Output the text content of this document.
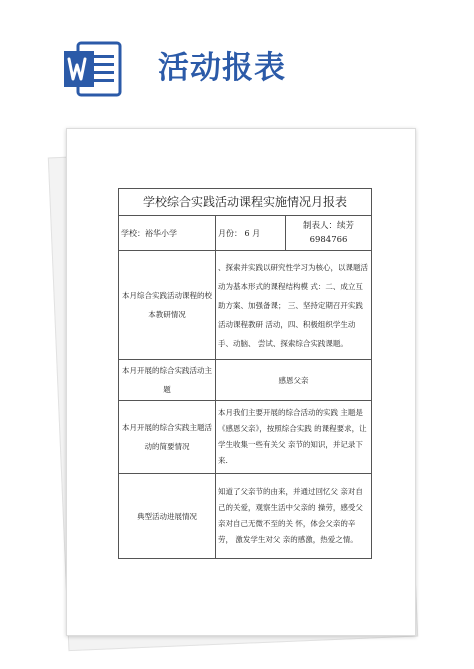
活动报表
学校综合实践活动课程实施情况月报表		
学校：裕华小学	月份： 6 月	制表人：续芳 6984766
本月综合实践活动课程的校本教研情况	、探索并实践以研究性学习为核心，以课题活动为基本形式的课程结构模 式：二、成立互助方案、加强备课； 三、坚持定期召开实践活动课程教研 活动，四、积极组织学生动手、动脑、 尝试、探索综合实践课题。	
本月开展的综合实践活动主题	感恩父亲	
本月开展的综合实践主题活动的简要情况	本月我们主要开展的综合活动的实践 主题是《感恩父亲》，按照综合实践 的课程要求，让学生收集一些有关父 亲节的知识，并记录下来.	
典型活动进展情况	知道了父亲节的由来，并通过回忆父 亲对自己的关爱，观察生活中父亲的 操劳，感受父亲对自己无微不至的关 怀，体会父亲的辛劳， 激发学生对父 亲的感激，热爱之情。	
